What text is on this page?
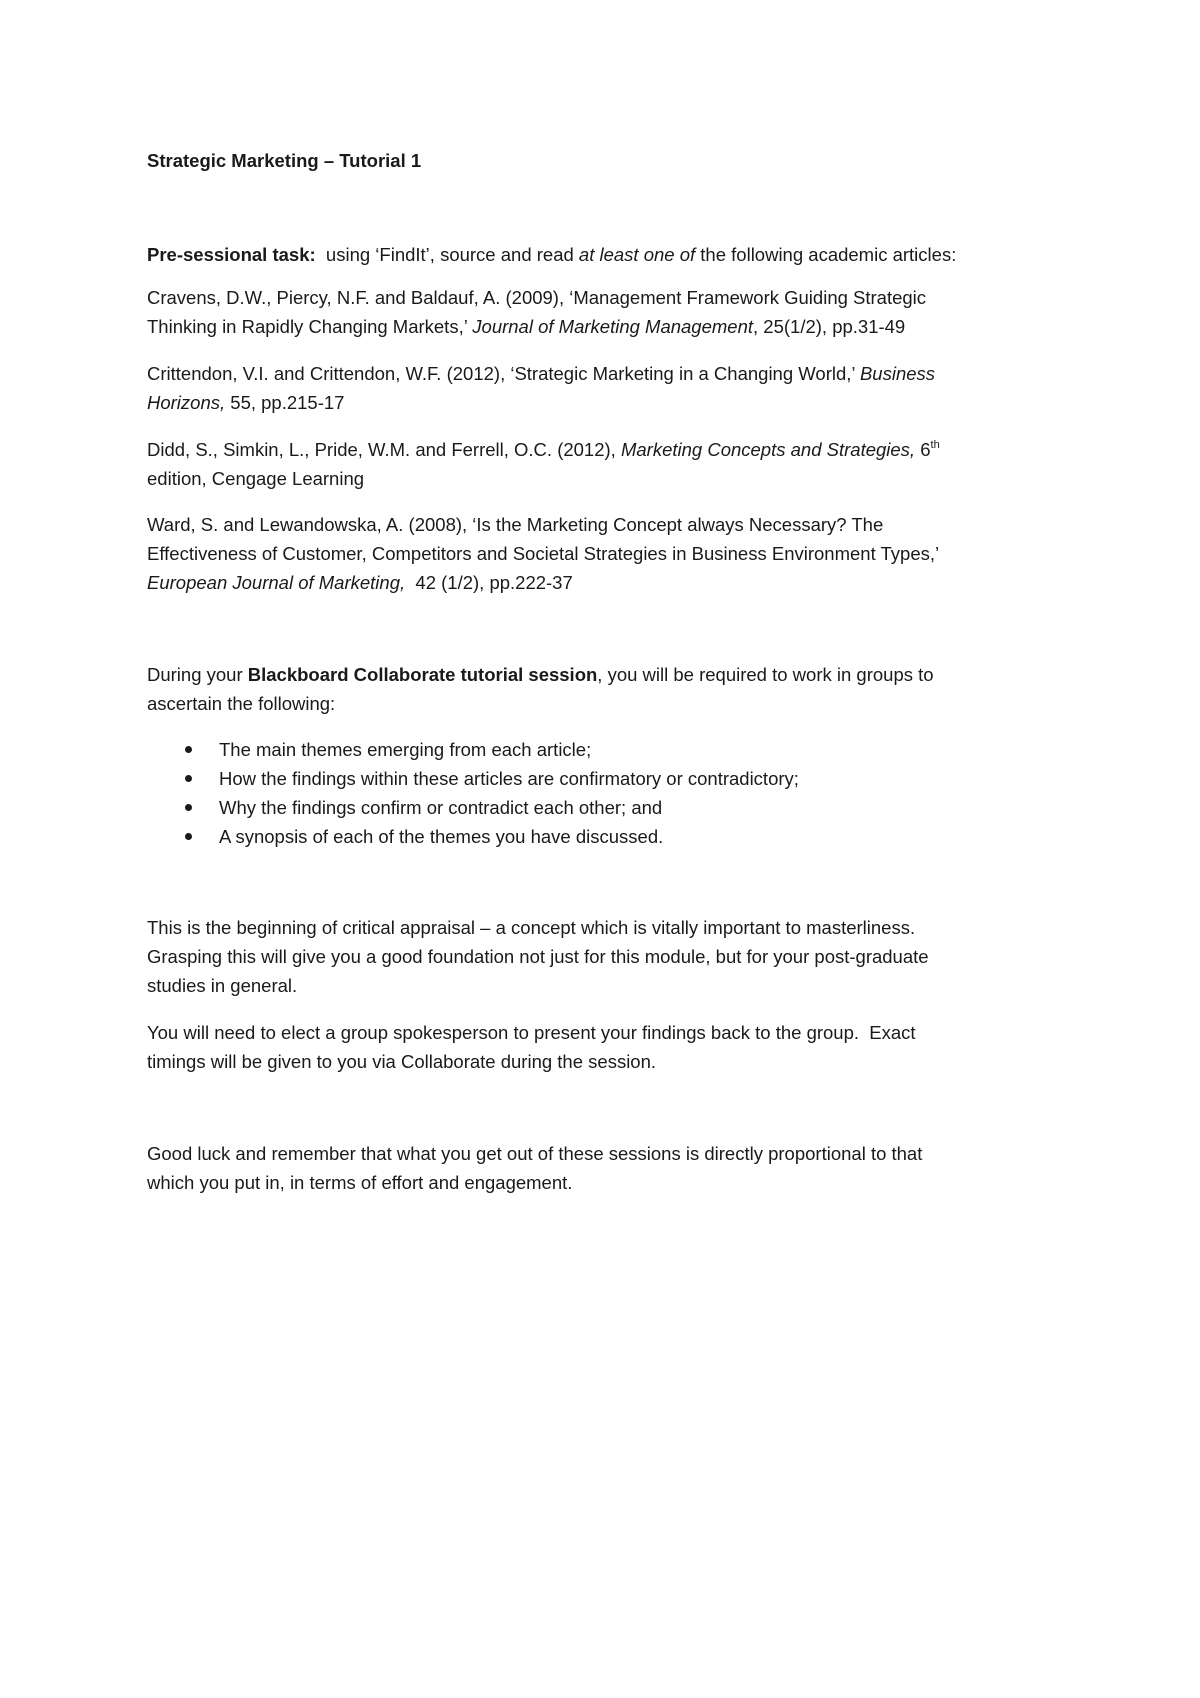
Strategic Marketing – Tutorial 1
Pre-sessional task:  using ‘FindIt’, source and read at least one of the following academic articles:
Cravens, D.W., Piercy, N.F. and Baldauf, A. (2009), ‘Management Framework Guiding Strategic
Thinking in Rapidly Changing Markets,’ Journal of Marketing Management, 25(1/2), pp.31-49
Crittendon, V.I. and Crittendon, W.F. (2012), ‘Strategic Marketing in a Changing World,’ Business
Horizons, 55, pp.215-17
Didd, S., Simkin, L., Pride, W.M. and Ferrell, O.C. (2012), Marketing Concepts and Strategies, 6th
edition, Cengage Learning
Ward, S. and Lewandowska, A. (2008), ‘Is the Marketing Concept always Necessary? The
Effectiveness of Customer, Competitors and Societal Strategies in Business Environment Types,’
European Journal of Marketing,  42 (1/2), pp.222-37
During your Blackboard Collaborate tutorial session, you will be required to work in groups to
ascertain the following:
The main themes emerging from each article;
How the findings within these articles are confirmatory or contradictory;
Why the findings confirm or contradict each other; and
A synopsis of each of the themes you have discussed.
This is the beginning of critical appraisal – a concept which is vitally important to masterliness.
Grasping this will give you a good foundation not just for this module, but for your post-graduate
studies in general.
You will need to elect a group spokesperson to present your findings back to the group.  Exact
timings will be given to you via Collaborate during the session.
Good luck and remember that what you get out of these sessions is directly proportional to that
which you put in, in terms of effort and engagement.
